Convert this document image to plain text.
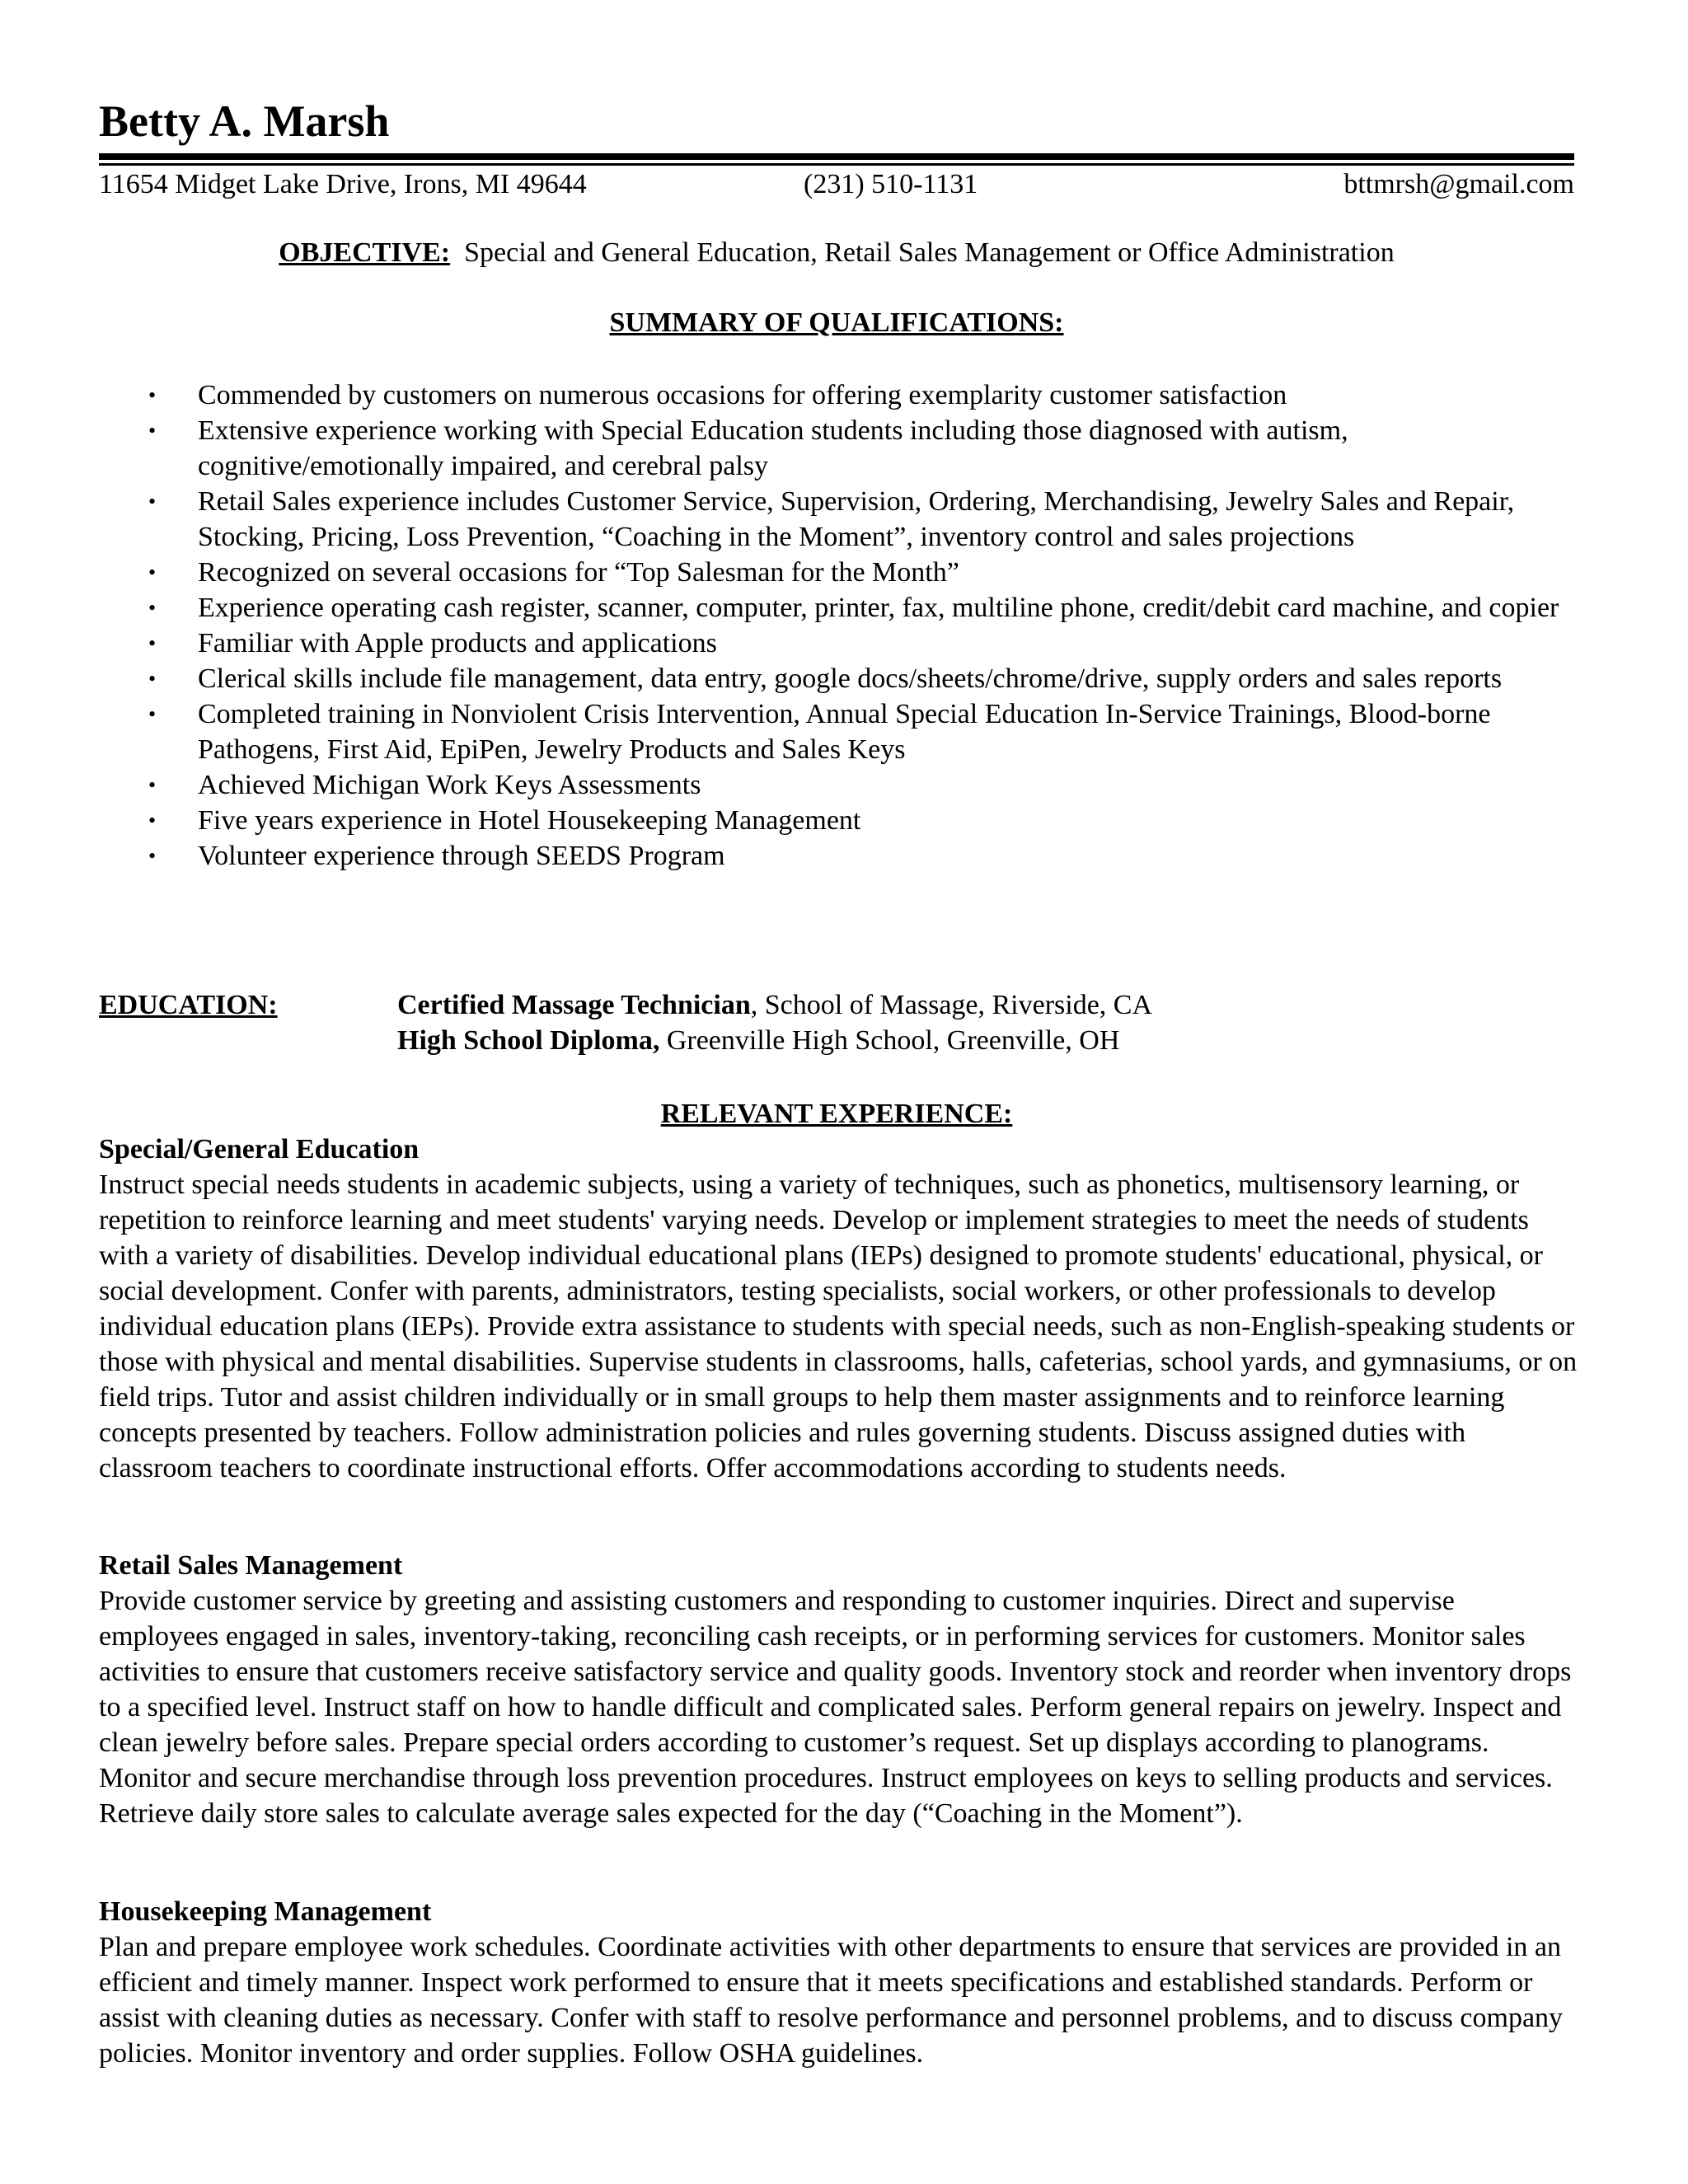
Betty A. Marsh
11654 Midget Lake Drive, Irons, MI 49644	(231) 510-1131	bttmrsh@gmail.com
OBJECTIVE: Special and General Education, Retail Sales Management or Office Administration
SUMMARY OF QUALIFICATIONS:
• Commended by customers on numerous occasions for offering exemplarity customer satisfaction
• Extensive experience working with Special Education students including those diagnosed with autism, cognitive/emotionally impaired, and cerebral palsy
• Retail Sales experience includes Customer Service, Supervision, Ordering, Merchandising, Jewelry Sales and Repair, Stocking, Pricing, Loss Prevention, “Coaching in the Moment”, inventory control and sales projections
• Recognized on several occasions for “Top Salesman for the Month”
• Experience operating cash register, scanner, computer, printer, fax, multiline phone, credit/debit card machine, and copier
• Familiar with Apple products and applications
• Clerical skills include file management, data entry, google docs/sheets/chrome/drive, supply orders and sales reports
• Completed training in Nonviolent Crisis Intervention, Annual Special Education In-Service Trainings, Blood-borne Pathogens, First Aid, EpiPen, Jewelry Products and Sales Keys
• Achieved Michigan Work Keys Assessments
• Five years experience in Hotel Housekeeping Management
• Volunteer experience through SEEDS Program
EDUCATION:	Certified Massage Technician, School of Massage, Riverside, CA
High School Diploma, Greenville High School, Greenville, OH
RELEVANT EXPERIENCE:
Special/General Education

Instruct special needs students in academic subjects, using a variety of techniques, such as phonetics, multisensory learning, or repetition to reinforce learning and meet students' varying needs. Develop or implement strategies to meet the needs of students with a variety of disabilities. Develop individual educational plans (IEPs) designed to promote students' educational, physical, or social development. Confer with parents, administrators, testing specialists, social workers, or other professionals to develop individual education plans (IEPs). Provide extra assistance to students with special needs, such as non-English-speaking students or those with physical and mental disabilities. Supervise students in classrooms, halls, cafeterias, school yards, and gymnasiums, or on field trips. Tutor and assist children individually or in small groups to help them master assignments and to reinforce learning concepts presented by teachers. Follow administration policies and rules governing students. Discuss assigned duties with classroom teachers to coordinate instructional efforts. Offer accommodations according to students needs.

Retail Sales Management

Provide customer service by greeting and assisting customers and responding to customer inquiries. Direct and supervise employees engaged in sales, inventory-taking, reconciling cash receipts, or in performing services for customers. Monitor sales activities to ensure that customers receive satisfactory service and quality goods. Inventory stock and reorder when inventory drops to a specified level. Instruct staff on how to handle difficult and complicated sales. Perform general repairs on jewelry. Inspect and clean jewelry before sales. Prepare special orders according to customer’s request. Set up displays according to planograms. Monitor and secure merchandise through loss prevention procedures. Instruct employees on keys to selling products and services. Retrieve daily store sales to calculate average sales expected for the day (“Coaching in the Moment”).

Housekeeping Management

Plan and prepare employee work schedules. Coordinate activities with other departments to ensure that services are provided in an efficient and timely manner. Inspect work performed to ensure that it meets specifications and established standards. Perform or assist with cleaning duties as necessary. Confer with staff to resolve performance and personnel problems, and to discuss company policies. Monitor inventory and order supplies. Follow OSHA guidelines.
